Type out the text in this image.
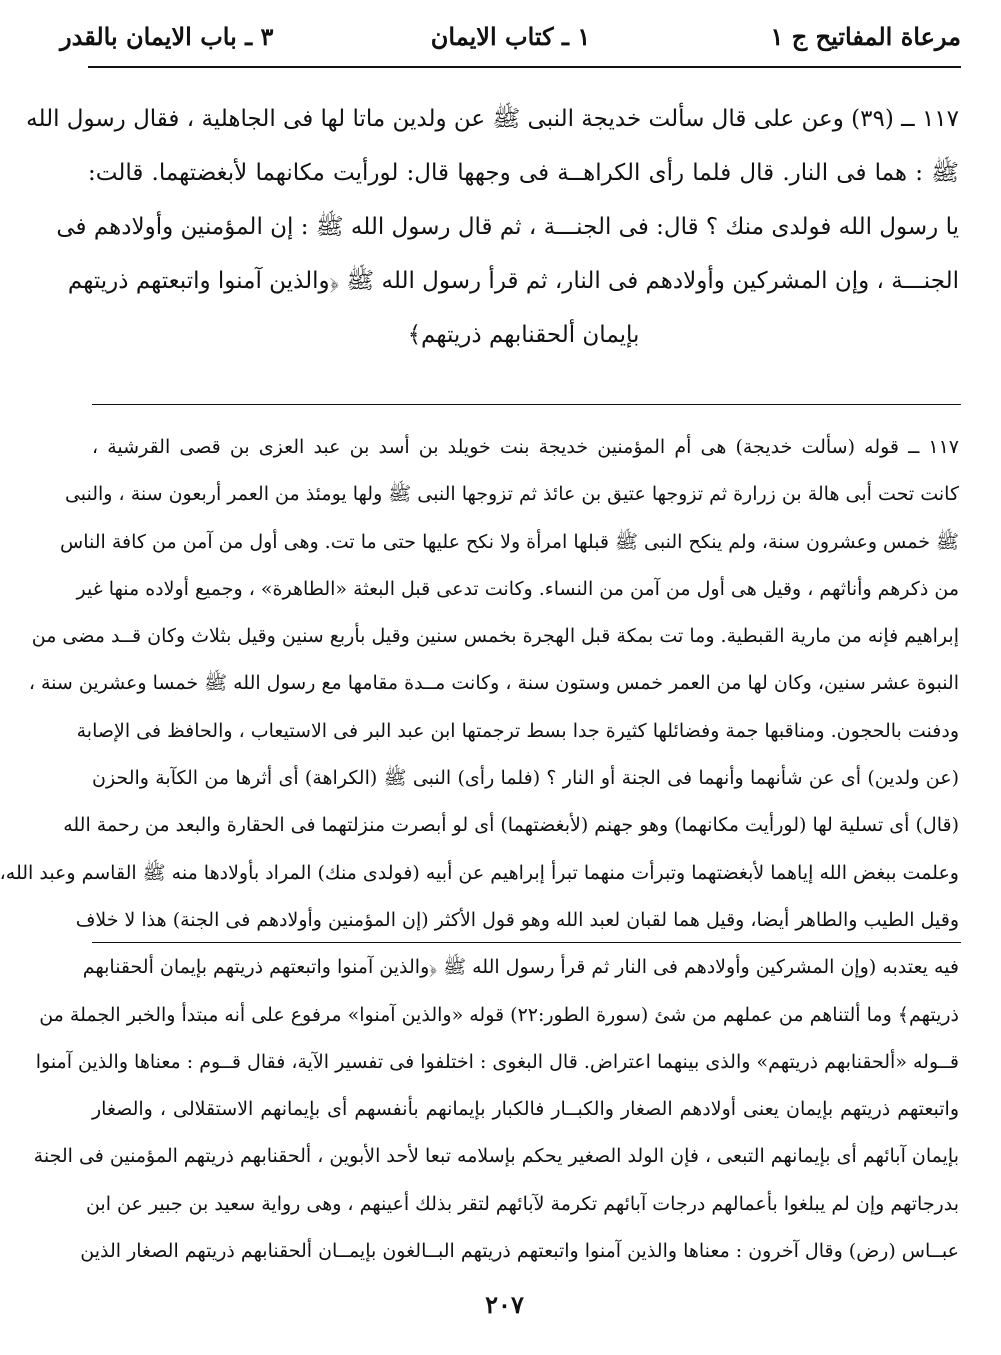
مرعاة المفاتيح ج ١
١ ـ كتاب الايمان
٣ ـ باب الايمان بالقدر
١١٧ ــ (٣٩) وعن على قال سألت خديجة النبى ﷺ عن ولدين ماتا لها فى الجاهلية ، فقال رسول الله
ﷺ : هما فى النار. قال فلما رأى الكراهــة فى وجهها قال: لورأيت مكانهما لأبغضتهما. قالت:
يا رسول الله فولدى منك ؟ قال: فى الجنـــة ، ثم قال رسول الله ﷺ : إن المؤمنين وأولادهم فى
الجنـــة ، وإن المشركين وأولادهم فى النار، ثم قرأ رسول الله ﷺ ﴿والذين آمنوا واتبعتهم ذريتهم
بإيمان ألحقنابهم ذريتهم﴾
١١٧ ــ قوله (سألت خديجة) هى أم المؤمنين خديجة بنت خويلد بن أسد بن عبد العزى بن قصى القرشية ،
كانت تحت أبى هالة بن زرارة ثم تزوجها عتيق بن عائذ ثم تزوجها النبى ﷺ ولها يومئذ من العمر أربعون سنة ، والنبى
ﷺ خمس وعشرون سنة، ولم ينكح النبى ﷺ قبلها امرأة ولا نكح عليها حتى ما تت. وهى أول من آمن من كافة الناس
من ذكرهم وأناثهم ، وقيل هى أول من آمن من النساء. وكانت تدعى قبل البعثة «الطاهرة» ، وجميع أولاده منها غير
إبراهيم فإنه من مارية القبطية. وما تت بمكة قبل الهجرة بخمس سنين وقيل بأربع سنين وقيل بثلاث وكان قــد مضى من
النبوة عشر سنين، وكان لها من العمر خمس وستون سنة ، وكانت مــدة مقامها مع رسول الله ﷺ خمسا وعشرين سنة ،
ودفنت بالحجون. ومناقبها جمة وفضائلها كثيرة جدا بسط ترجمتها ابن عبد البر فى الاستيعاب ، والحافظ فى الإصابة
(عن ولدين) أى عن شأنهما وأنهما فى الجنة أو النار ؟ (فلما رأى) النبى ﷺ (الكراهة) أى أثرها من الكآبة والحزن
(قال) أى تسلية لها (لورأيت مكانهما) وهو جهنم (لأبغضتهما) أى لو أبصرت منزلتهما فى الحقارة والبعد من رحمة الله
وعلمت ببغض الله إياهما لأبغضتهما وتبرأت منهما تبرأ إبراهيم عن أبيه (فولدى منك) المراد بأولادها منه ﷺ القاسم وعبد الله،
وقيل الطيب والطاهر أيضا، وقيل هما لقبان لعبد الله وهو قول الأكثر (إن المؤمنين وأولادهم فى الجنة) هذا لا خلاف
فيه يعتدبه (وإن المشركين وأولادهم فى النار ثم قرأ رسول الله ﷺ ﴿والذين آمنوا واتبعتهم ذريتهم بإيمان ألحقنابهم
ذريتهم﴾ وما ألتناهم من عملهم من شئ (سورة الطور:٢٢) قوله «والذين آمنوا» مرفوع على أنه مبتدأ والخبر الجملة من
قــوله «ألحقنابهم ذريتهم» والذى بينهما اعتراض. قال البغوى : اختلفوا فى تفسير الآية، فقال قــوم : معناها والذين آمنوا
واتبعتهم ذريتهم بإيمان يعنى أولادهم الصغار والكبــار فالكبار بإيمانهم بأنفسهم أى بإيمانهم الاستقلالى ، والصغار
بإيمان آبائهم أى بإيمانهم التبعى ، فإن الولد الصغير يحكم بإسلامه تبعا لأحد الأبوين ، ألحقنابهم ذريتهم المؤمنين فى الجنة
بدرجاتهم وإن لم يبلغوا بأعمالهم درجات آبائهم تكرمة لآبائهم لتقر بذلك أعينهم ، وهى رواية سعيد بن جبير عن ابن
عبــاس (رض) وقال آخرون : معناها والذين آمنوا واتبعتهم ذريتهم البــالغون بإيمــان ألحقنابهم ذريتهم الصغار الذين
٢٠٧
